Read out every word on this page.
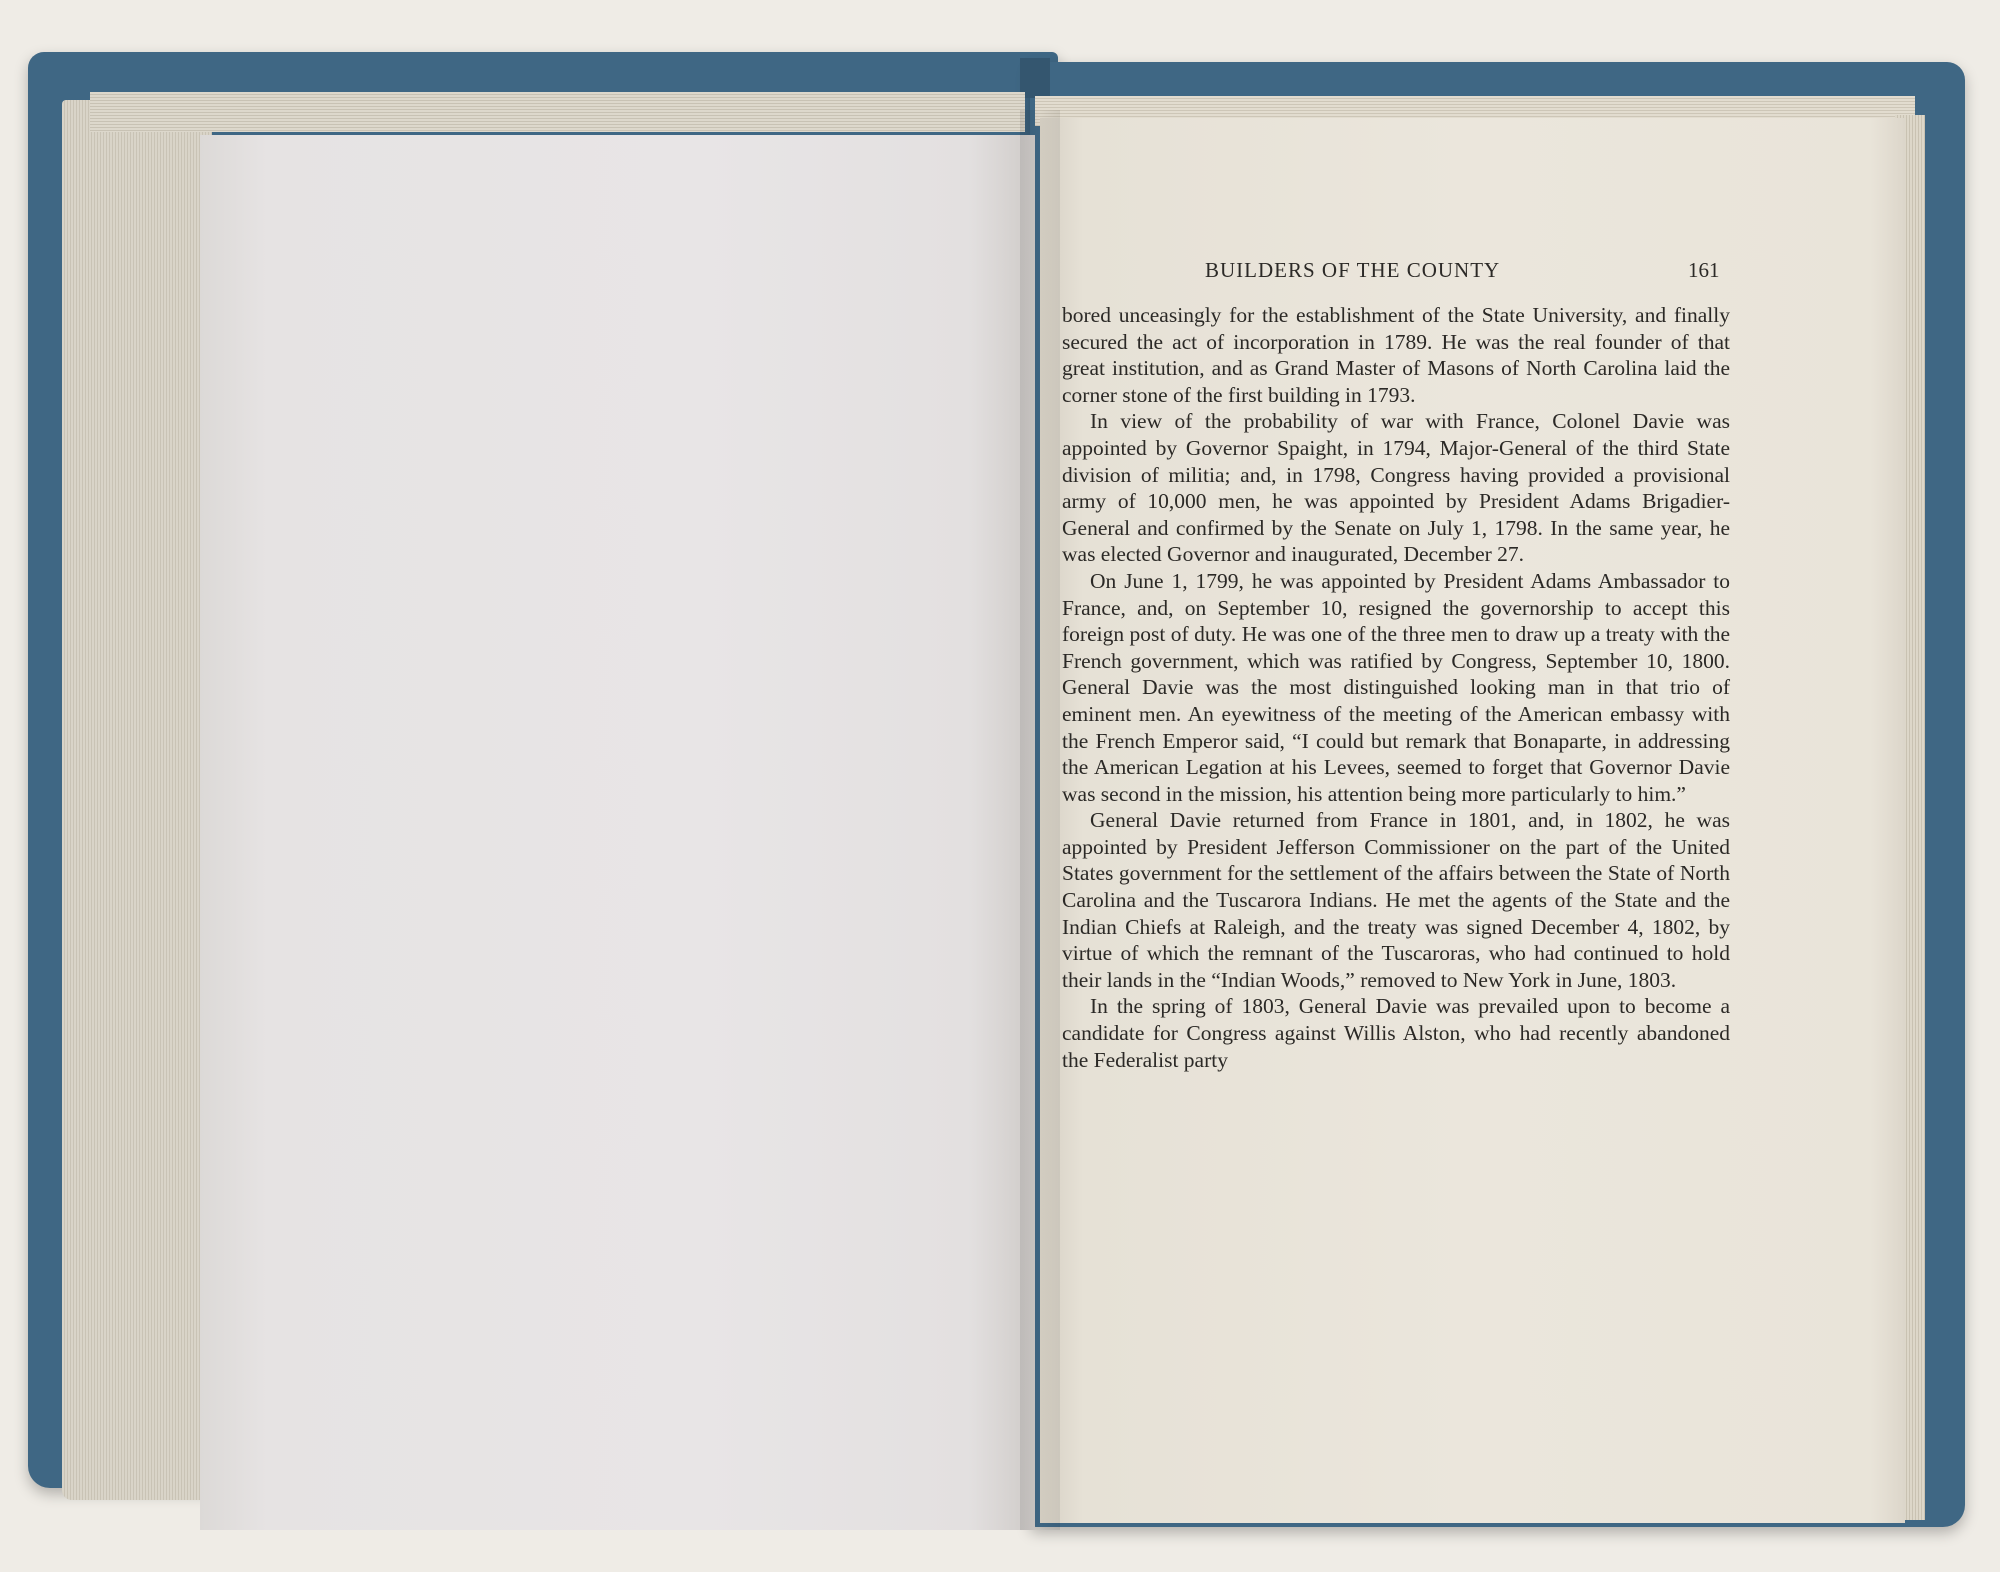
BUILDERS OF THE COUNTY	161

bored unceasingly for the establishment of the State University, and finally secured the act of incorporation in 1789. He was the real founder of that great institution, and as Grand Master of Masons of North Carolina laid the corner stone of the first building in 1793.

In view of the probability of war with France, Colonel Davie was appointed by Governor Spaight, in 1794, Major-General of the third State division of militia; and, in 1798, Congress having provided a provisional army of 10,000 men, he was appointed by President Adams Brigadier-General and confirmed by the Senate on July 1, 1798. In the same year, he was elected Governor and inaugurated, December 27.

On June 1, 1799, he was appointed by President Adams Ambassador to France, and, on September 10, resigned the governorship to accept this foreign post of duty. He was one of the three men to draw up a treaty with the French government, which was ratified by Congress, September 10, 1800. General Davie was the most distinguished looking man in that trio of eminent men. An eyewitness of the meeting of the American embassy with the French Emperor said, “I could but remark that Bonaparte, in addressing the American Legation at his Levees, seemed to forget that Governor Davie was second in the mission, his attention being more particularly to him.”

General Davie returned from France in 1801, and, in 1802, he was appointed by President Jefferson Commissioner on the part of the United States government for the settlement of the affairs between the State of North Carolina and the Tuscarora Indians. He met the agents of the State and the Indian Chiefs at Raleigh, and the treaty was signed December 4, 1802, by virtue of which the remnant of the Tuscaroras, who had continued to hold their lands in the “Indian Woods,” removed to New York in June, 1803.

In the spring of 1803, General Davie was prevailed upon to become a candidate for Congress against Willis Alston, who had recently abandoned the Federalist party
